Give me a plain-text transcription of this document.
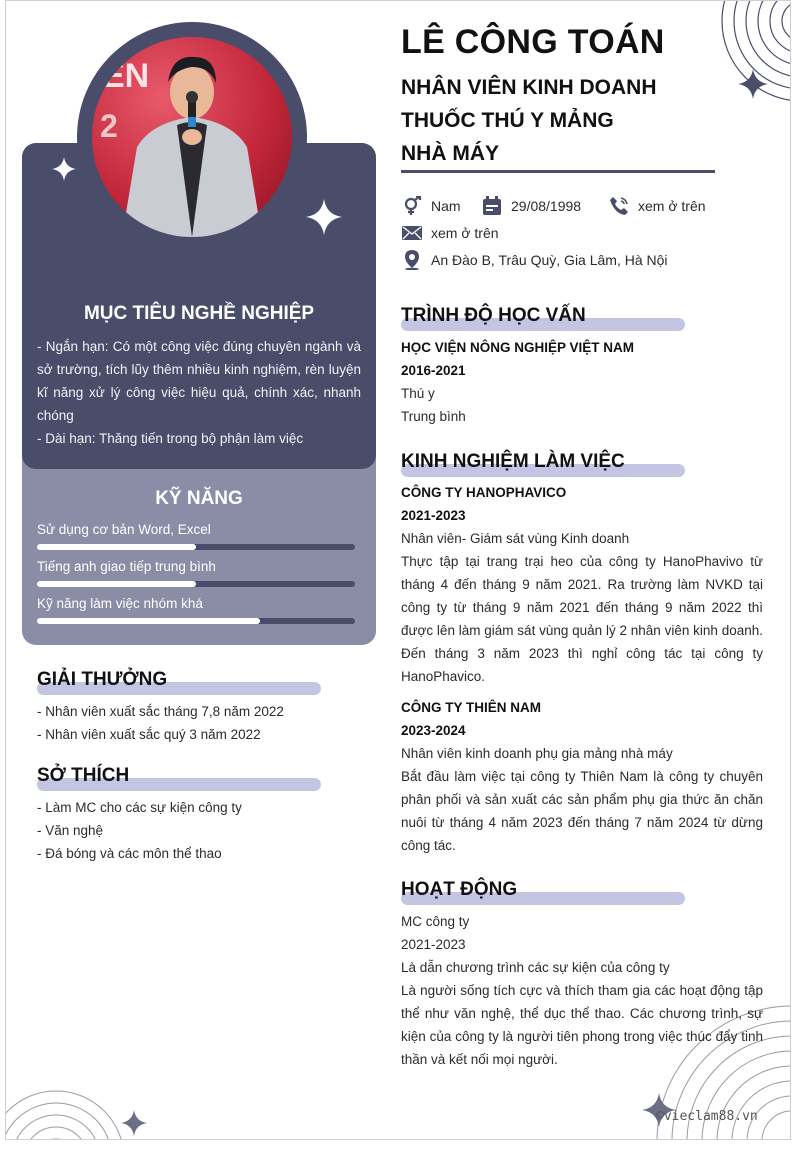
EN
2
MỤC TIÊU NGHỀ NGHIỆP

- Ngắn hạn: Có một công việc đúng chuyên ngành và sở trường, tích lũy thêm nhiều kinh nghiệm, rèn luyện kĩ năng xử lý công việc hiệu quả, chính xác, nhanh chóng

- Dài hạn: Thăng tiến trong bộ phận làm việc

KỸ NĂNG
Sử dụng cơ bản Word, Excel
Tiếng anh giao tiếp trung bình
Kỹ năng làm việc nhóm khá
GIẢI THƯỞNG
- Nhân viên xuất sắc tháng 7,8 năm 2022
- Nhân viên xuất sắc quý 3 năm 2022
SỞ THÍCH
- Làm MC cho các sự kiện công ty
- Văn nghệ
- Đá bóng và các môn thể thao
LÊ CÔNG TOÁN
NHÂN VIÊN KINH DOANH
THUỐC THÚ Y MẢNG
NHÀ MÁY
Nam	29/08/1998	xem ở trên
xem ở trên
An Đào B, Trâu Quỳ, Gia Lâm, Hà Nội
TRÌNH ĐỘ HỌC VẤN
HỌC VIỆN NÔNG NGHIỆP VIỆT NAM
2016-2021
Thú y
Trung bình
KINH NGHIỆM LÀM VIỆC
CÔNG TY HANOPHAVICO
2021-2023
Nhân viên- Giám sát vùng Kinh doanh
Thực tập tại trang trại heo của công ty HanoPhavivo từ tháng 4 đến tháng 9 năm 2021. Ra trường làm NVKD tại công ty từ tháng 9 năm 2021 đến tháng 9 năm 2022 thì được lên làm giám sát vùng quản lý 2 nhân viên kinh doanh. Đến tháng 3 năm 2023 thì nghỉ công tác tại công ty HanoPhavico.
CÔNG TY THIÊN NAM
2023-2024
Nhân viên kinh doanh phụ gia mảng nhà máy
Bắt đầu làm việc tại công ty Thiên Nam là công ty chuyên phân phối và sản xuất các sản phẩm phụ gia thức ăn chăn nuôi từ tháng 4 năm 2023 đến tháng 7 năm 2024 từ dừng công tác.
HOẠT ĐỘNG
MC công ty
2021-2023
Là dẫn chương trình các sự kiện của công ty
Là người sống tích cực và thích tham gia các hoạt động tập thể như văn nghệ, thể dục thể thao. Các chương trình, sự kiện của công ty là người tiên phong trong việc thúc đẩy tinh thần và kết nối mọi người.
©vieclam88.vn
